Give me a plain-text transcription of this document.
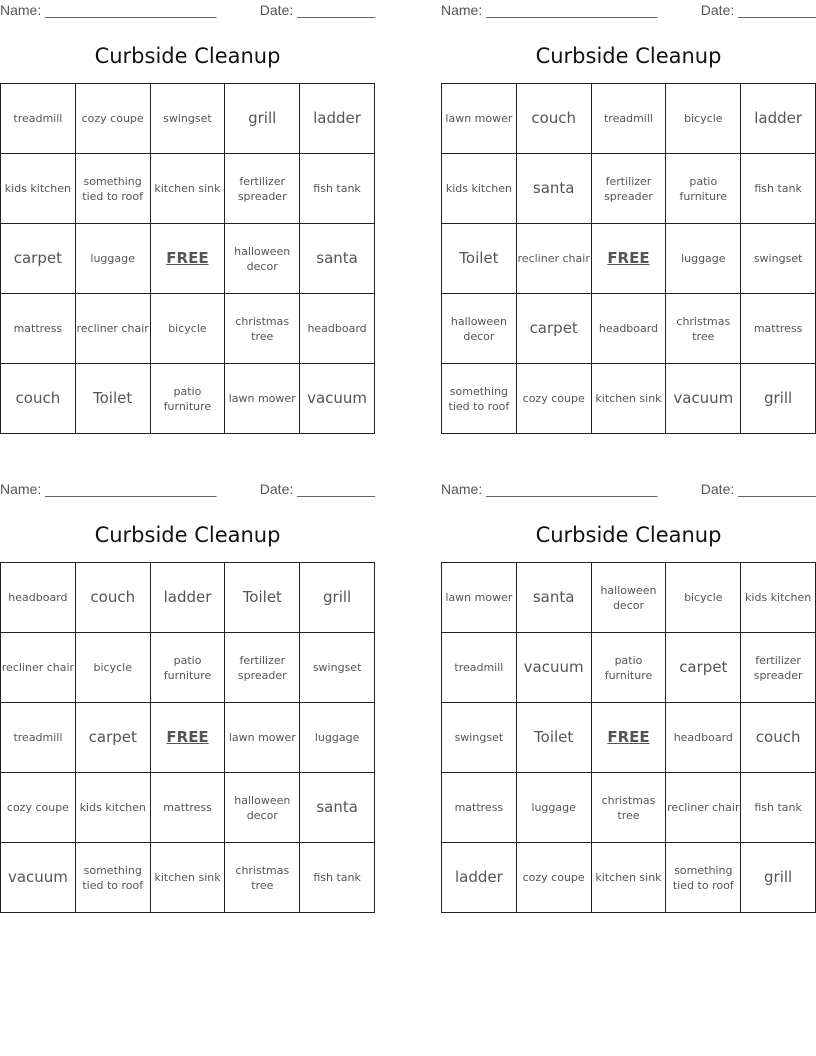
Name: ______________________	Date: __________
Curbside Cleanup
treadmill	cozy coupe	swingset	grill	ladder
kids kitchen	something tied to roof	kitchen sink	fertilizer spreader	fish tank
carpet	luggage	FREE	halloween decor	santa
mattress	recliner chair	bicycle	christmas tree	headboard
couch	Toilet	patio furniture	lawn mower	vacuum
Name: ______________________	Date: __________
Curbside Cleanup
lawn mower	couch	treadmill	bicycle	ladder
kids kitchen	santa	fertilizer spreader	patio furniture	fish tank
Toilet	recliner chair	FREE	luggage	swingset
halloween decor	carpet	headboard	christmas tree	mattress
something tied to roof	cozy coupe	kitchen sink	vacuum	grill
Name: ______________________	Date: __________
Curbside Cleanup
headboard	couch	ladder	Toilet	grill
recliner chair	bicycle	patio furniture	fertilizer spreader	swingset
treadmill	carpet	FREE	lawn mower	luggage
cozy coupe	kids kitchen	mattress	halloween decor	santa
vacuum	something tied to roof	kitchen sink	christmas tree	fish tank
Name: ______________________	Date: __________
Curbside Cleanup
lawn mower	santa	halloween decor	bicycle	kids kitchen
treadmill	vacuum	patio furniture	carpet	fertilizer spreader
swingset	Toilet	FREE	headboard	couch
mattress	luggage	christmas tree	recliner chair	fish tank
ladder	cozy coupe	kitchen sink	something tied to roof	grill
